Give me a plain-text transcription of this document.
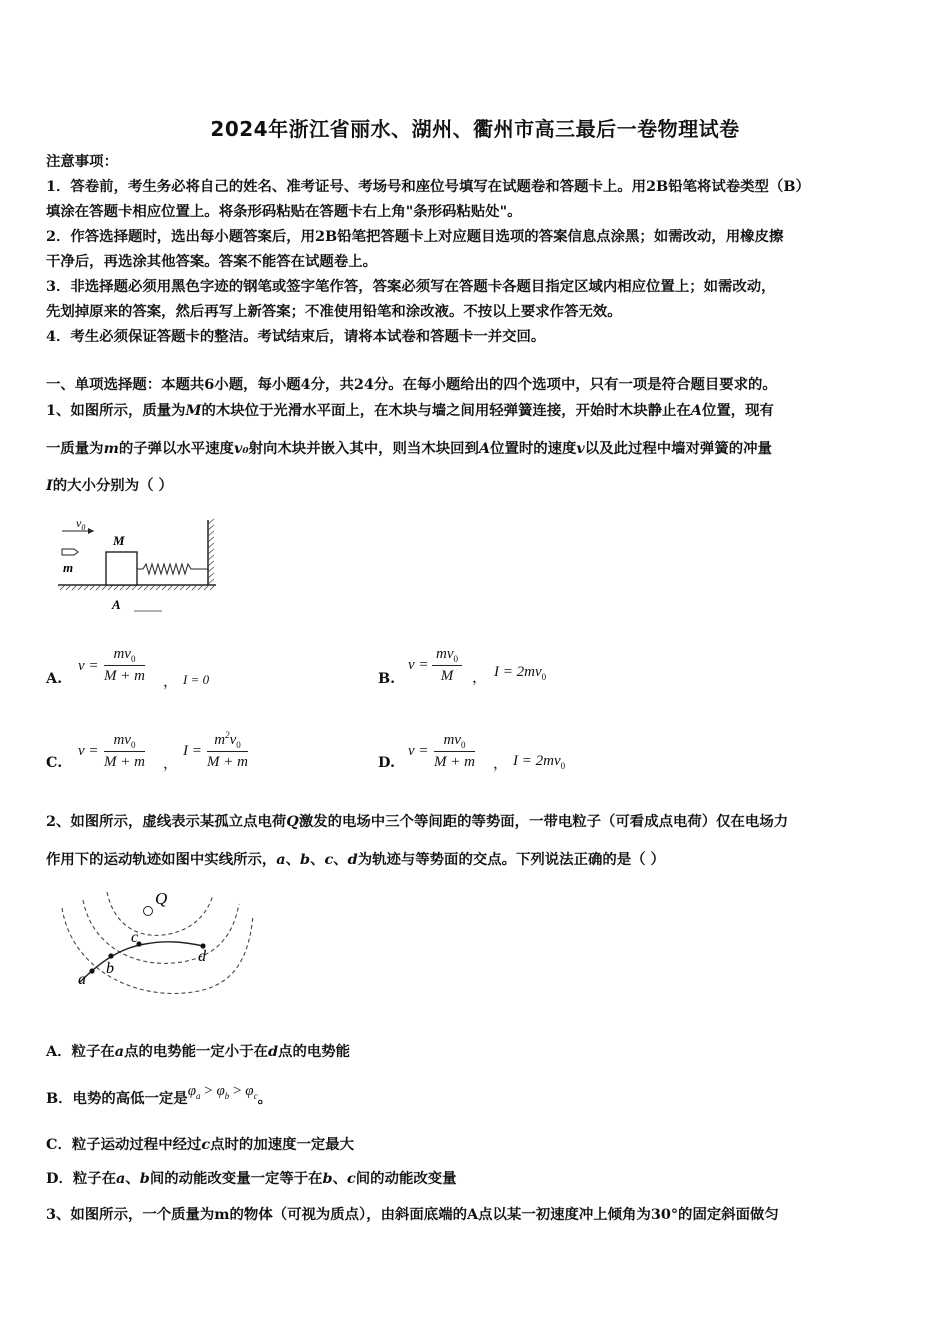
2024年浙江省丽水、湖州、衢州市高三最后一卷物理试卷
注意事项：
1．答卷前，考生务必将自己的姓名、准考证号、考场号和座位号填写在试题卷和答题卡上。用2B铅笔将试卷类型（B）
填涂在答题卡相应位置上。将条形码粘贴在答题卡右上角"条形码粘贴处"。
2．作答选择题时，选出每小题答案后，用2B铅笔把答题卡上对应题目选项的答案信息点涂黑；如需改动，用橡皮擦
干净后，再选涂其他答案。答案不能答在试题卷上。
3．非选择题必须用黑色字迹的钢笔或签字笔作答，答案必须写在答题卡各题目指定区域内相应位置上；如需改动，
先划掉原来的答案，然后再写上新答案；不准使用铅笔和涂改液。不按以上要求作答无效。
4．考生必须保证答题卡的整洁。考试结束后，请将本试卷和答题卡一并交回。
一、单项选择题：本题共6小题，每小题4分，共24分。在每小题给出的四个选项中，只有一项是符合题目要求的。
1、如图所示，质量为M的木块位于光滑水平面上，在木块与墙之间用轻弹簧连接，开始时木块静止在A位置，现有
一质量为m的子弹以水平速度v₀射向木块并嵌入其中，则当木块回到A位置时的速度v以及此过程中墙对弹簧的冲量
I的大小分别为（ ）
$v_0$
M
m
A
A.
$v = \frac{mv_0}{M + m}$ ， I = 0	B.
$v = \frac{mv_0}{M}$ ， $I = 2mv_0$
C.
$v = \frac{mv_0}{M + m}$ ，
$I = \frac{m^2v_0}{M + m}$	D.
$v = \frac{mv_0}{M + m}$ ， $I = 2mv_0$
2、如图所示，虚线表示某孤立点电荷Q激发的电场中三个等间距的等势面，一带电粒子（可看成点电荷）仅在电场力
作用下的运动轨迹如图中实线所示，a、b、c、d为轨迹与等势面的交点。下列说法正确的是（ ）
Q
a
b
c
d
A．粒子在a点的电势能一定小于在d点的电势能
B．电势的高低一定是$\varphi_a > \varphi_b > \varphi_c$。
C．粒子运动过程中经过c点时的加速度一定最大
D．粒子在a、b间的动能改变量一定等于在b、c间的动能改变量
3、如图所示，一个质量为m的物体（可视为质点），由斜面底端的A点以某一初速度冲上倾角为30°的固定斜面做匀
